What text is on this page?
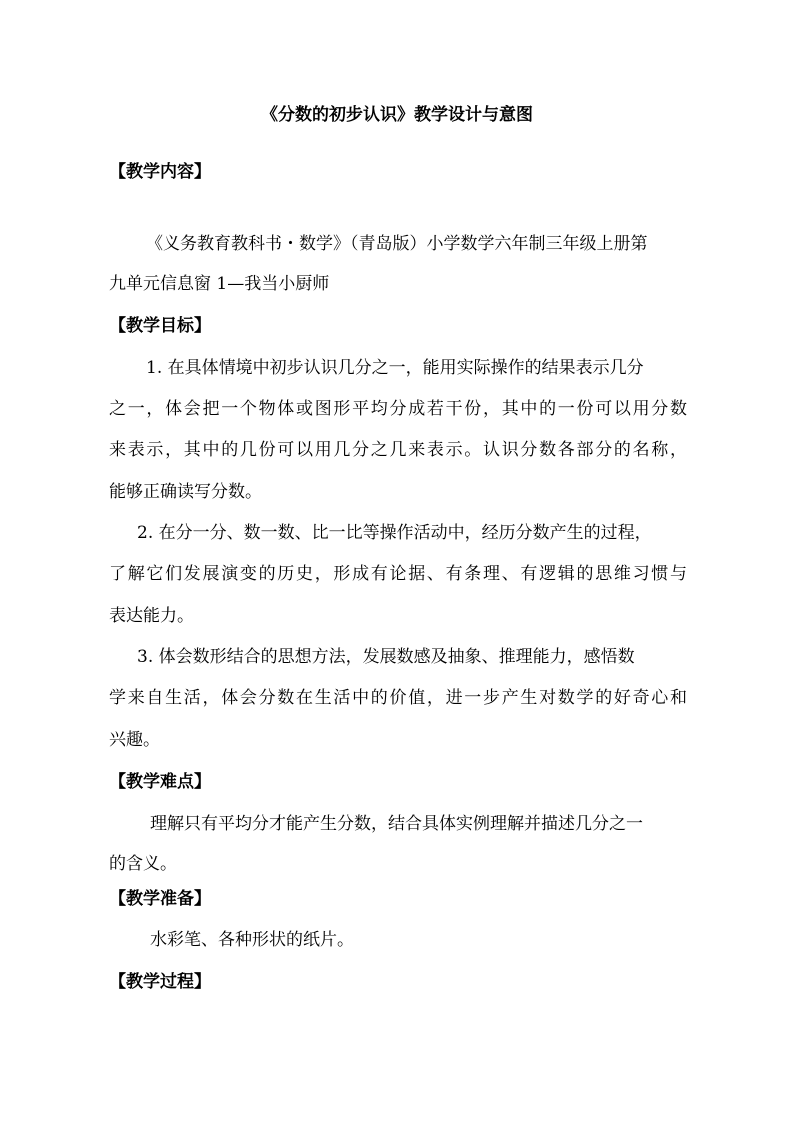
《分数的初步认识》教学设计与意图
【教学内容】
《义务教育教科书・数学》（青岛版）小学数学六年制三年级上册第
九单元信息窗 1—我当小厨师
【教学目标】
1. 在具体情境中初步认识几分之一，能用实际操作的结果表示几分
之一，体会把一个物体或图形平均分成若干份，其中的一份可以用分数
来表示，其中的几份可以用几分之几来表示。认识分数各部分的名称，
能够正确读写分数。
2. 在分一分、数一数、比一比等操作活动中，经历分数产生的过程，
了解它们发展演变的历史，形成有论据、有条理、有逻辑的思维习惯与
表达能力。
3. 体会数形结合的思想方法，发展数感及抽象、推理能力，感悟数
学来自生活，体会分数在生活中的价值，进一步产生对数学的好奇心和
兴趣。
【教学难点】
理解只有平均分才能产生分数，结合具体实例理解并描述几分之一
的含义。
【教学准备】
水彩笔、各种形状的纸片。
【教学过程】
